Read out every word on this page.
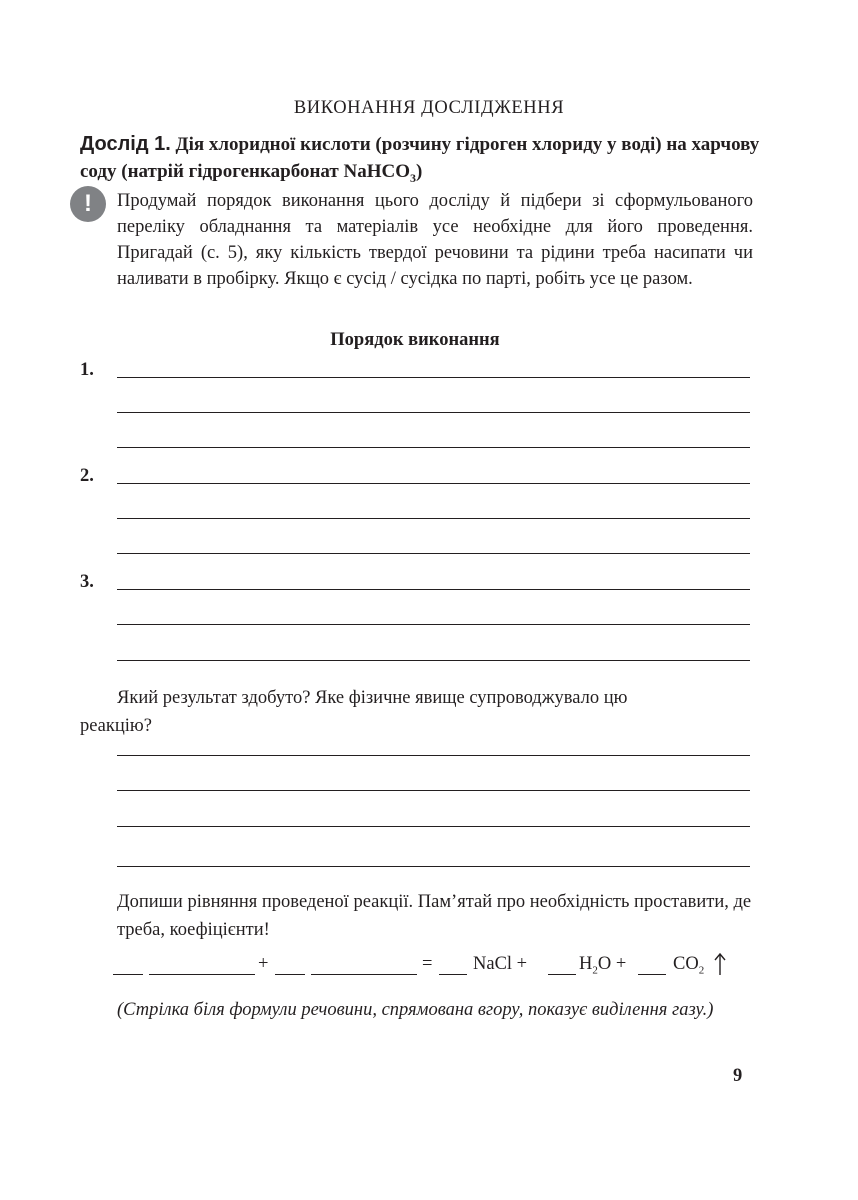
ВИКОНАННЯ ДОСЛІДЖЕННЯ
Дослід 1. Дія хлоридної кислоти (розчину гідроген хлориду у воді) на харчову соду (натрій гідрогенкарбонат NaHCO$_3$)
!	Продумай порядок виконання цього досліду й підбери зі сформульованого переліку обладнання та матеріалів усе необхідне для його проведення. Пригадай (с. 5), яку кількість твердої речовини та рідини треба насипати чи наливати в пробірку. Якщо є сусід / сусідка по парті, робіть усе це разом.
Порядок виконання
1.
2.
3.
Який результат здобуто? Яке фізичне явище супроводжувало цю
реакцію?
Допиши рівняння проведеної реакції. Пам’ятай про необхідність проставити, де треба, коефіцієнти!
+	= NaCl +	$H_2O$ +	$CO_2$
(Стрілка біля формули речовини, спрямована вгору, показує виділення газу.)
9
